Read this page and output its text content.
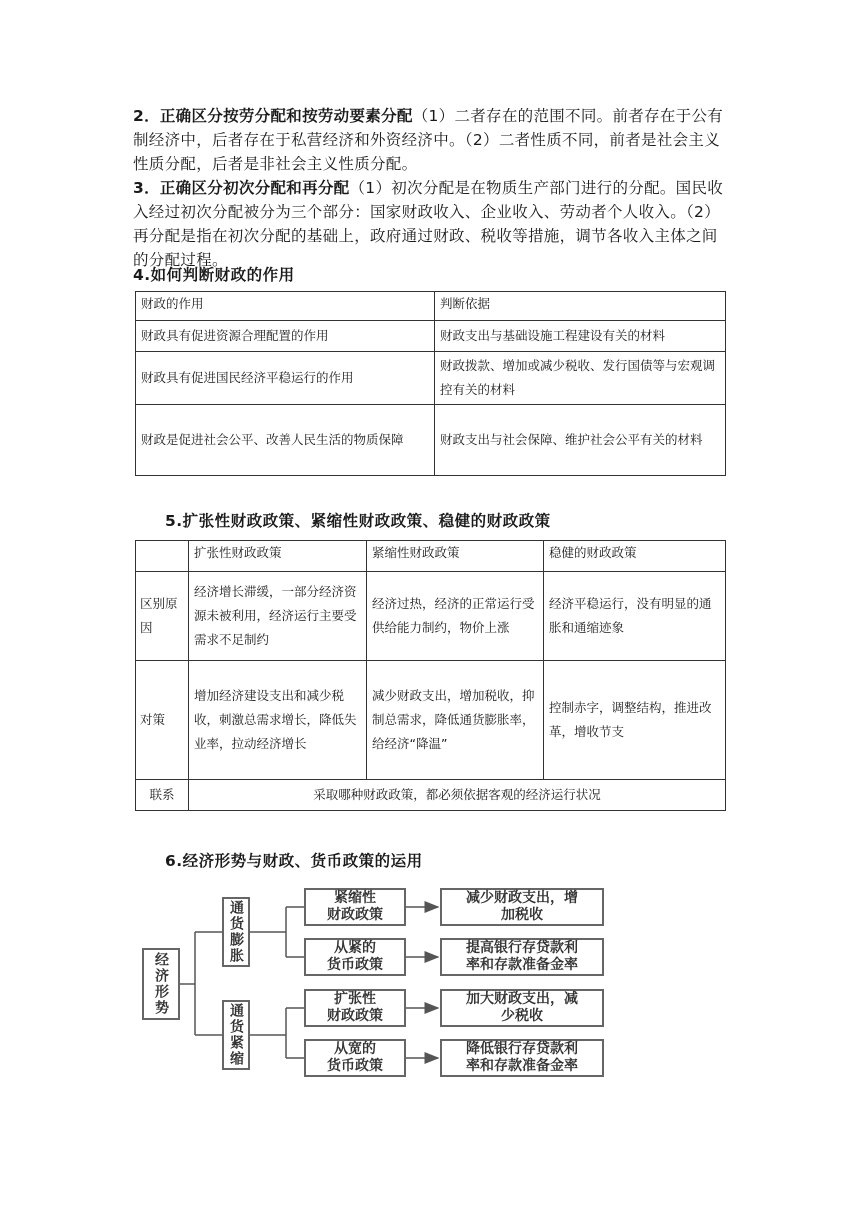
2．正确区分按劳分配和按劳动要素分配（1）二者存在的范围不同。前者存在于公有制经济中，后者存在于私营经济和外资经济中。（2）二者性质不同，前者是社会主义性质分配，后者是非社会主义性质分配。
3．正确区分初次分配和再分配（1）初次分配是在物质生产部门进行的分配。国民收入经过初次分配被分为三个部分：国家财政收入、企业收入、劳动者个人收入。（2）再分配是指在初次分配的基础上，政府通过财政、税收等措施，调节各收入主体之间的分配过程。
4.如何判断财政的作用
财政的作用	判断依据
财政具有促进资源合理配置的作用	财政支出与基础设施工程建设有关的材料
财政具有促进国民经济平稳运行的作用	财政拨款、增加或减少税收、发行国债等与宏观调控有关的材料
财政是促进社会公平、改善人民生活的物质保障	财政支出与社会保障、维护社会公平有关的材料
5.扩张性财政政策、紧缩性财政政策、稳健的财政政策
	扩张性财政政策	紧缩性财政政策	稳健的财政政策
区别原因	经济增长滞缓，一部分经济资源未被利用，经济运行主要受需求不足制约	经济过热，经济的正常运行受供给能力制约，物价上涨	经济平稳运行，没有明显的通胀和通缩迹象
对策	增加经济建设支出和减少税收，刺激总需求增长，降低失业率，拉动经济增长	减少财政支出，增加税收，抑制总需求，降低通货膨胀率，给经济“降温”	控制赤字，调整结构，推进改革，增收节支
联系	采取哪种财政政策，都必须依据客观的经济运行状况		
6.经济形势与财政、货币政策的运用
经济形势
通货膨胀
通货紧缩
紧缩性
财政政策
从紧的
货币政策
扩张性
财政政策
从宽的
货币政策
减少财政支出，增
加税收
提高银行存贷款利
率和存款准备金率
加大财政支出，减
少税收
降低银行存贷款利
率和存款准备金率
